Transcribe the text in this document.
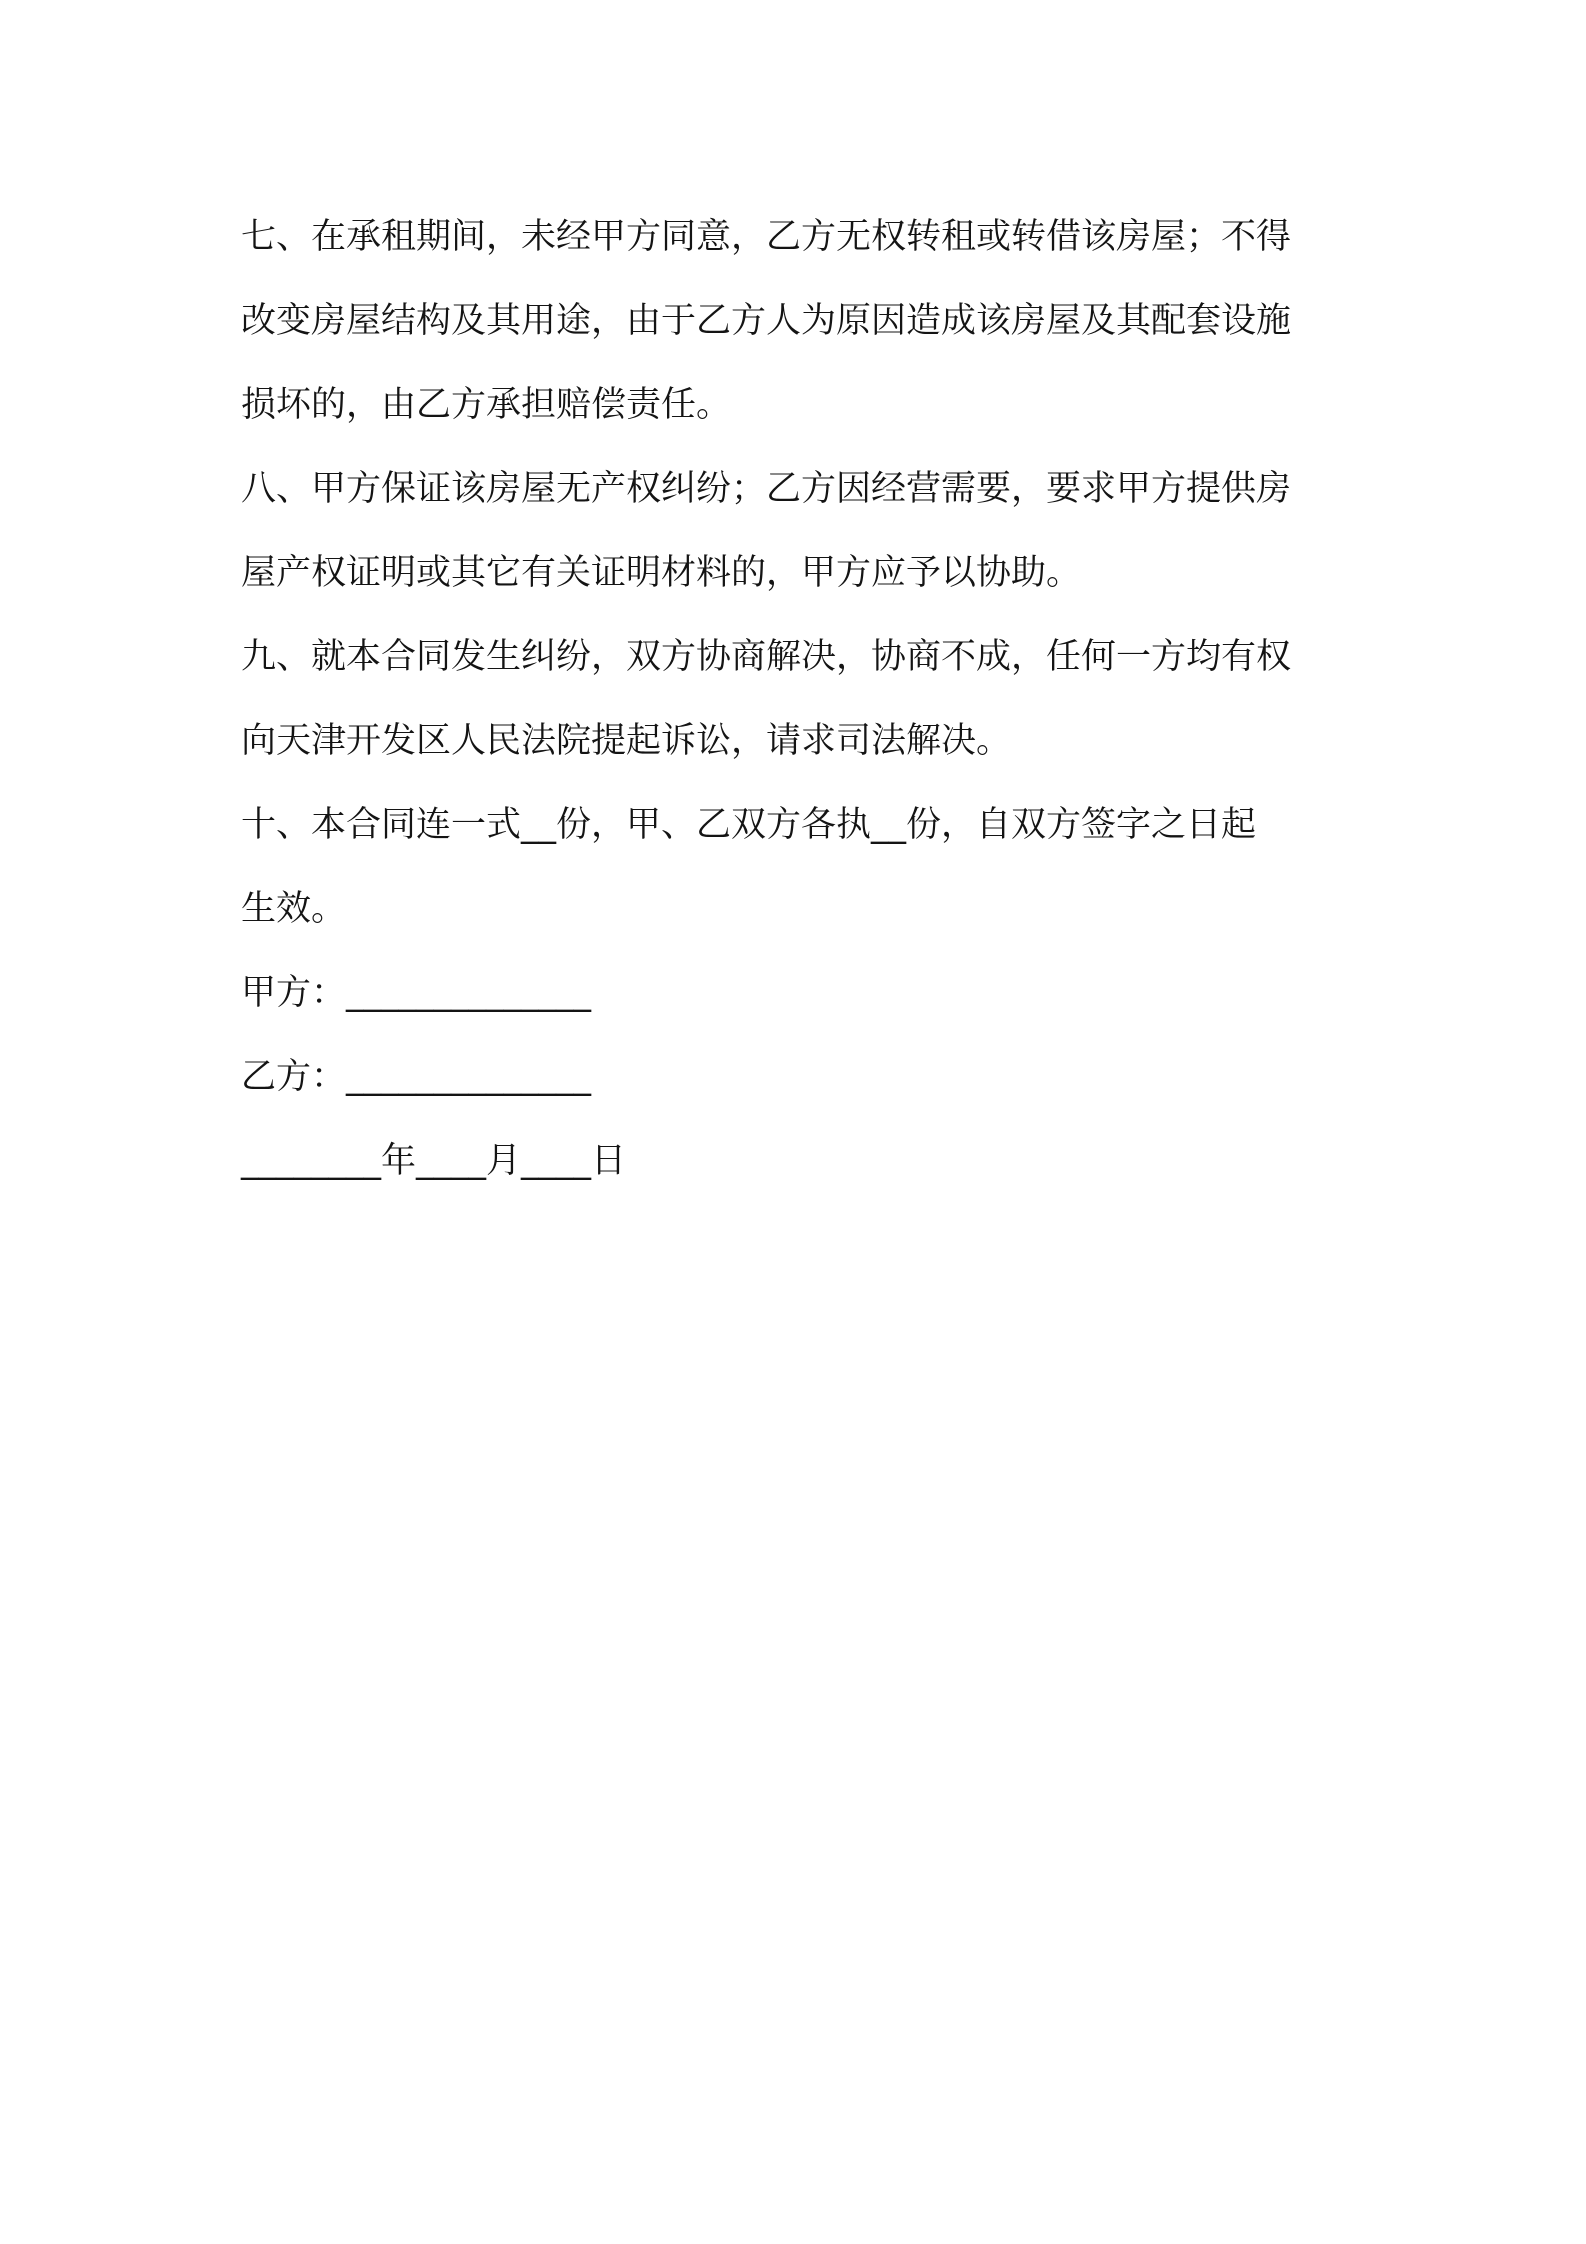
七、在承租期间，未经甲方同意，乙方无权转租或转借该房屋；不得

改变房屋结构及其用途，由于乙方人为原因造成该房屋及其配套设施

损坏的，由乙方承担赔偿责任。

八、甲方保证该房屋无产权纠纷；乙方因经营需要，要求甲方提供房

屋产权证明或其它有关证明材料的，甲方应予以协助。

九、就本合同发生纠纷，双方协商解决，协商不成，任何一方均有权

向天津开发区人民法院提起诉讼，请求司法解决。

十、本合同连一式__份，甲、乙双方各执__份，自双方签字之日起

生效。

甲方：______________

乙方：______________

________年____月____日
